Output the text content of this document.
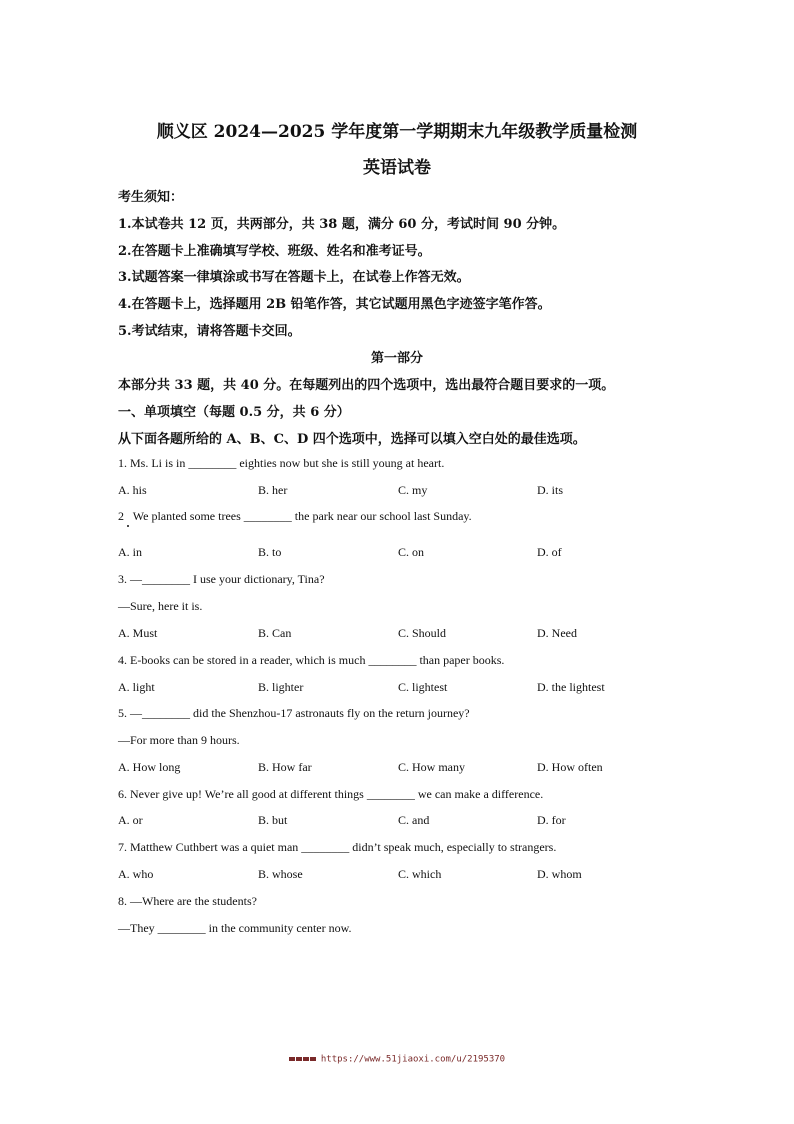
顺义区 2024—2025 学年度第一学期期末九年级教学质量检测
英语试卷
考生须知：
1.本试卷共 12 页，共两部分，共 38 题，满分 60 分，考试时间 90 分钟。
2.在答题卡上准确填写学校、班级、姓名和准考证号。
3.试题答案一律填涂或书写在答题卡上，在试卷上作答无效。
4.在答题卡上，选择题用 2B 铅笔作答，其它试题用黑色字迹签字笔作答。
5.考试结束，请将答题卡交回。
第一部分
本部分共 33 题，共 40 分。在每题列出的四个选项中，选出最符合题目要求的一项。
一、单项填空（每题 0.5 分，共 6 分）
从下面各题所给的 A、B、C、D 四个选项中，选择可以填入空白处的最佳选项。
1. Ms. Li is in ________ eighties now but she is still young at heart.
A. his	B. her	C. my	D. its
2   We planted some trees ________ the park near our school last Sunday.
A. in	B. to	C. on	D. of
3. —________ I use your dictionary, Tina?
—Sure, here it is.
A. Must	B. Can	C. Should	D. Need
4. E-books can be stored in a reader, which is much ________ than paper books.
A. light	B. lighter	C. lightest	D. the lightest
5. —________ did the Shenzhou-17 astronauts fly on the return journey?
—For more than 9 hours.
A. How long	B. How far	C. How many	D. How often
6. Never give up! We’re all good at different things ________ we can make a difference.
A. or	B. but	C. and	D. for
7. Matthew Cuthbert was a quiet man ________ didn’t speak much, especially to strangers.
A. who	B. whose	C. which	D. whom
8. —Where are the students?
—They ________ in the community center now.
https://www.51jiaoxi.com/u/2195370
